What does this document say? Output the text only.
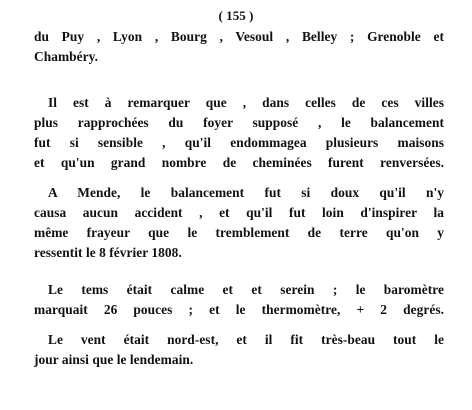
( 155 )

du Puy , Lyon , Bourg , Vesoul , Belley ; Grenoble et
Chambéry.

Il est à remarquer que , dans celles de ces villes
plus rapprochées du foyer supposé , le balancement
fut si sensible , qu'il endommagea plusieurs maisons
et qu'un grand nombre de cheminées furent renversées.

A Mende, le balancement fut si doux qu'il n'y
causa aucun accident , et qu'il fut loin d'inspirer la
même frayeur que le tremblement de terre qu'on y
ressentit le 8 février 1808.

Le tems était calme et et serein ; le baromètre
marquait 26 pouces ; et le thermomètre, + 2 degrés.

Le vent était nord-est, et il fit très-beau tout le
jour ainsi que le lendemain.
